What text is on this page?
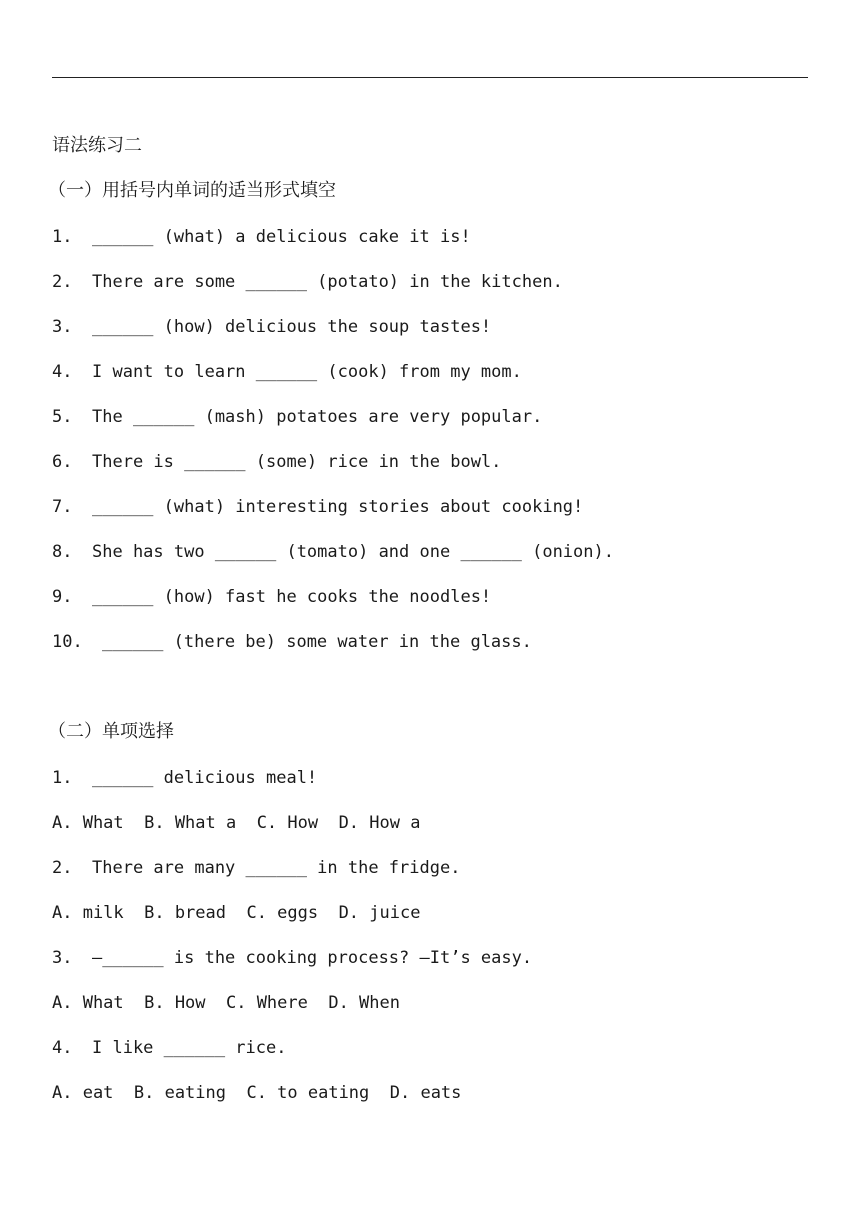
语法练习二
（一）用括号内单词的适当形式填空
1. ______ (what) a delicious cake it is!
2. There are some ______ (potato) in the kitchen.
3. ______ (how) delicious the soup tastes!
4. I want to learn ______ (cook) from my mom.
5. The ______ (mash) potatoes are very popular.
6. There is ______ (some) rice in the bowl.
7. ______ (what) interesting stories about cooking!
8. She has two ______ (tomato) and one ______ (onion).
9. ______ (how) fast he cooks the noodles!
10. ______ (there be) some water in the glass.
（二）单项选择
1. ______ delicious meal!
A. What  B. What a  C. How  D. How a
2. There are many ______ in the fridge.
A. milk  B. bread  C. eggs  D. juice
3. —______ is the cooking process? —It’s easy.
A. What  B. How  C. Where  D. When
4. I like ______ rice.
A. eat  B. eating  C. to eating  D. eats
